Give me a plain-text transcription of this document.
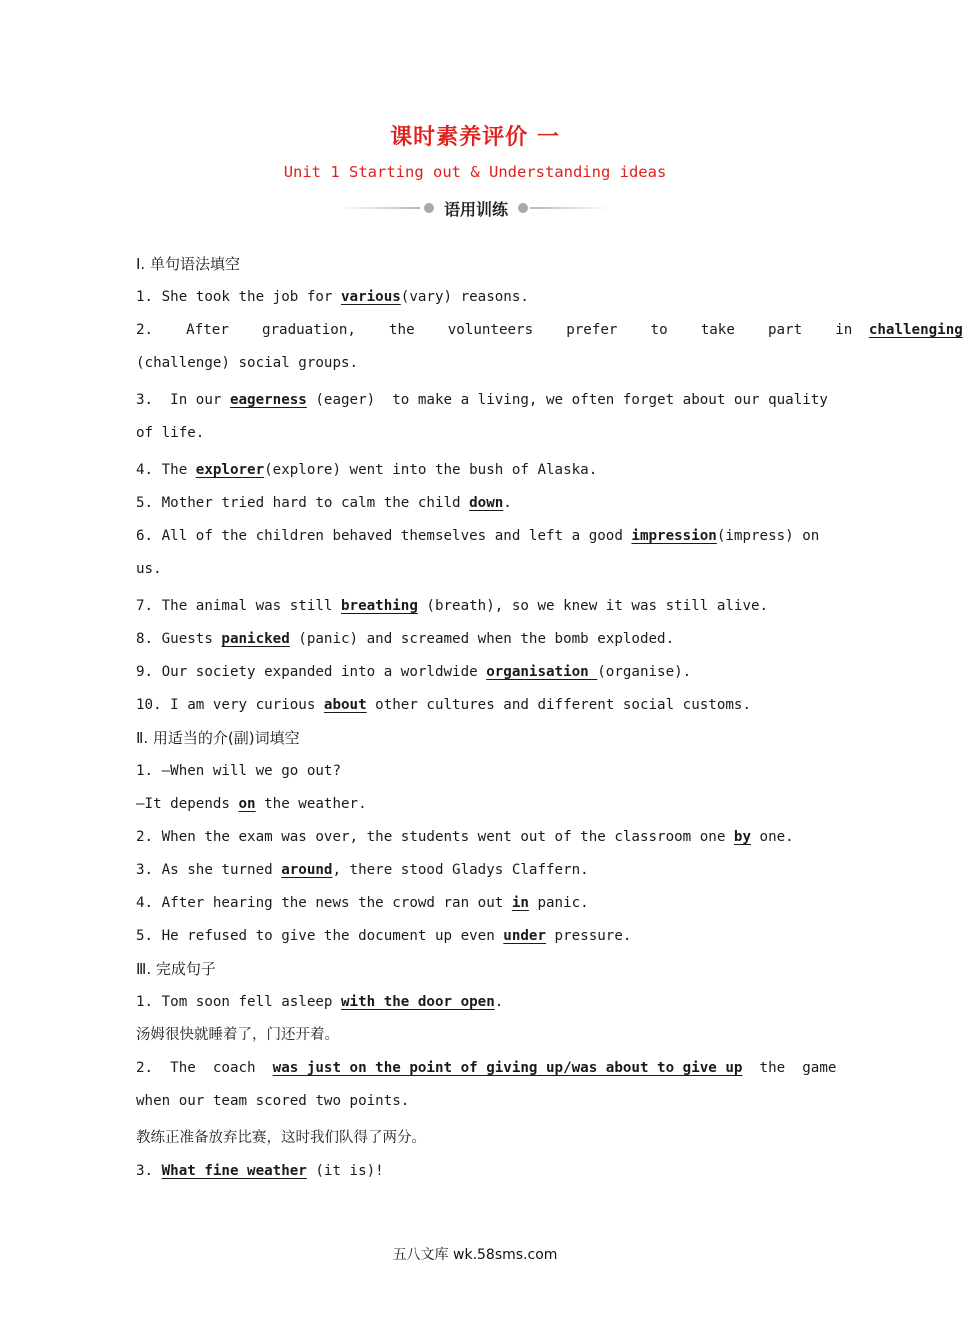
课时素养评价 一
Unit 1 Starting out & Understanding ideas
语用训练
Ⅰ. 单句语法填空
1. She took the job for various(vary) reasons.
2.  After  graduation,  the  volunteers  prefer  to  take  part  in challenging
(challenge) social groups.
3.  In our eagerness (eager)  to make a living, we often forget about our quality
of life.
4. The explorer(explore) went into the bush of Alaska.
5. Mother tried hard to calm the child down.
6. All of the children behaved themselves and left a good impression(impress) on
us.
7. The animal was still breathing (breath), so we knew it was still alive.
8. Guests panicked (panic) and screamed when the bomb exploded.
9. Our society expanded into a worldwide organisation (organise).
10. I am very curious about other cultures and different social customs.
Ⅱ. 用适当的介(副)词填空
1. —When will we go out?
—It depends on the weather.
2. When the exam was over, the students went out of the classroom one by one.
3. As she turned around, there stood Gladys Claffern.
4. After hearing the news the crowd ran out in panic.
5. He refused to give the document up even under pressure.
Ⅲ. 完成句子
1. Tom soon fell asleep with the door open.
汤姆很快就睡着了，门还开着。
2.  The  coach was just on the point of giving up/was about to give up the  game
when our team scored two points.
教练正准备放弃比赛，这时我们队得了两分。
3. What fine weather (it is)!
五八文库 wk.58sms.com
